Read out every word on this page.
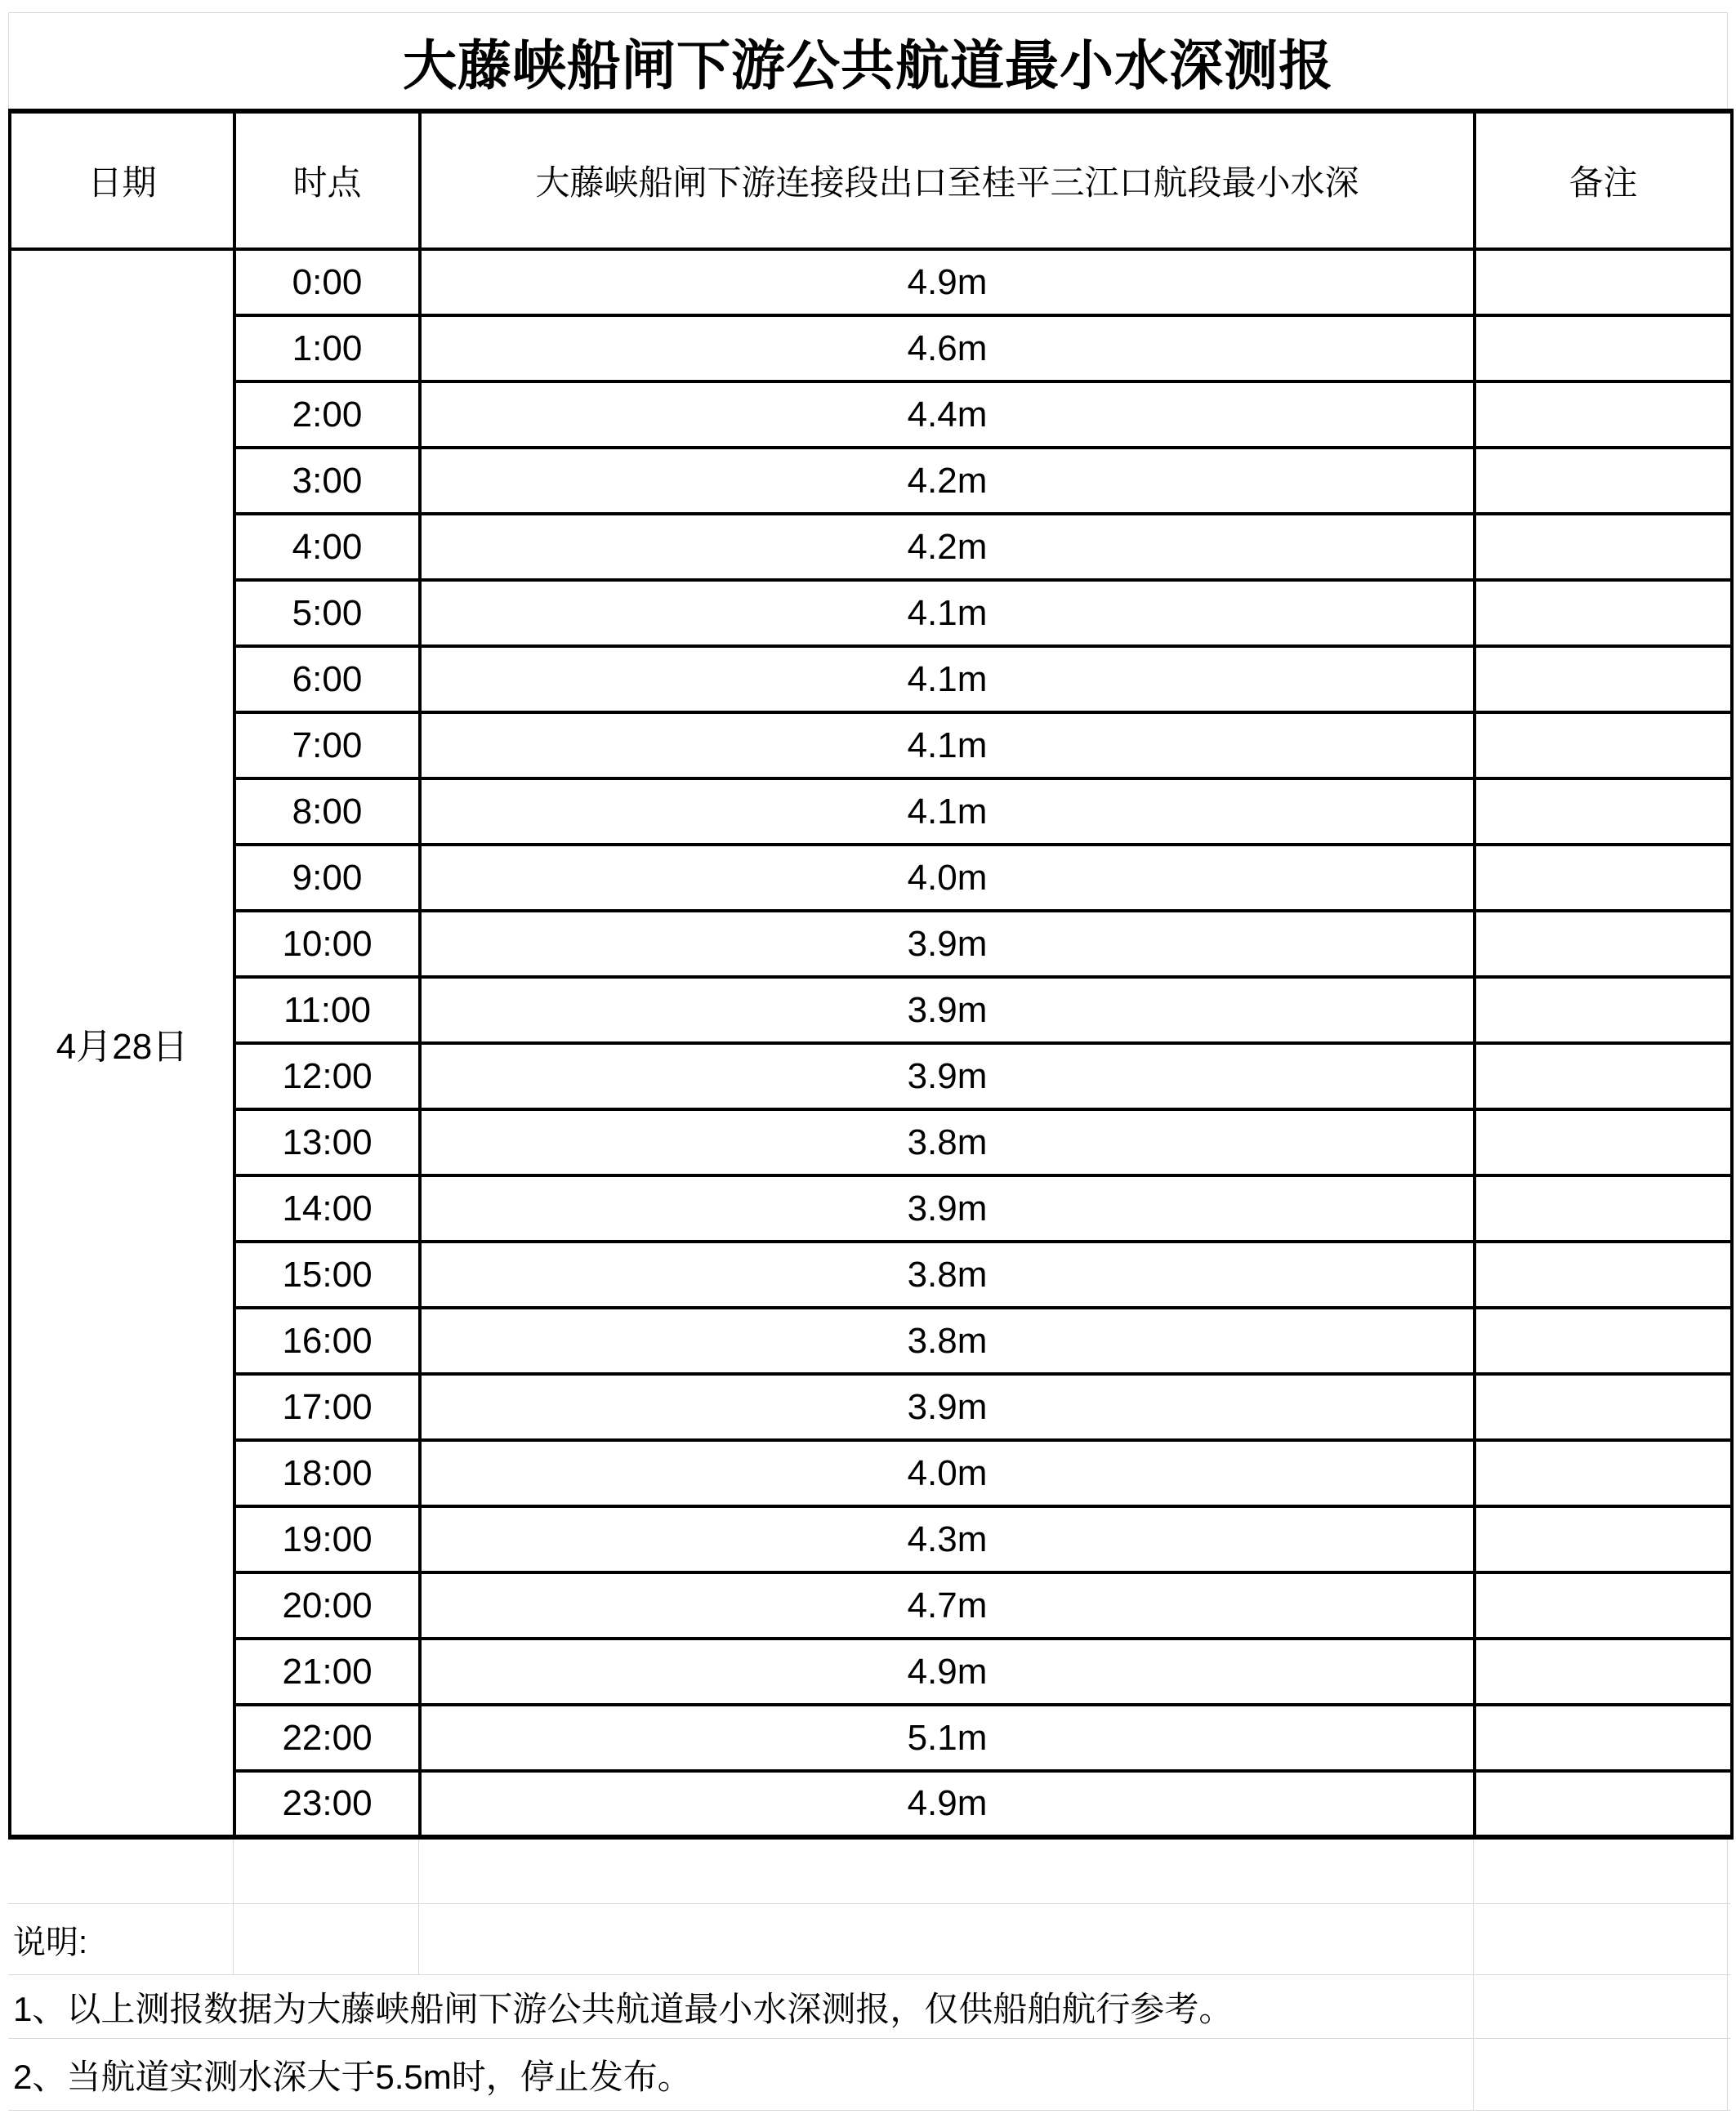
大藤峡船闸下游公共航道最小水深测报
日期	时点	大藤峡船闸下游连接段出口至桂平三江口航段最小水深	备注
4月28日	0:00	4.9m	
	1:00	4.6m	
	2:00	4.4m	
	3:00	4.2m	
	4:00	4.2m	
	5:00	4.1m	
	6:00	4.1m	
	7:00	4.1m	
	8:00	4.1m	
	9:00	4.0m	
	10:00	3.9m	
	11:00	3.9m	
	12:00	3.9m	
	13:00	3.8m	
	14:00	3.9m	
	15:00	3.8m	
	16:00	3.8m	
	17:00	3.9m	
	18:00	4.0m	
	19:00	4.3m	
	20:00	4.7m	
	21:00	4.9m	
	22:00	5.1m	
	23:00	4.9m	
说明:
1、以上测报数据为大藤峡船闸下游公共航道最小水深测报，仅供船舶航行参考。
2、当航道实测水深大于5.5m时，停止发布。
